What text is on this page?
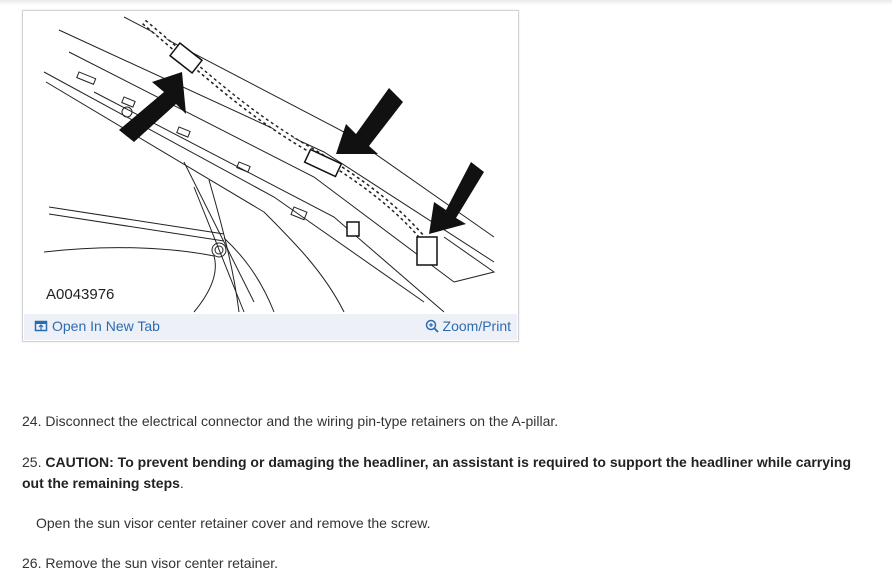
A0043976
Open In New Tab	Zoom/Print
24. Disconnect the electrical connector and the wiring pin-type retainers on the A-pillar.
25. CAUTION: To prevent bending or damaging the headliner, an assistant is required to support the headliner while carrying out the remaining steps.
Open the sun visor center retainer cover and remove the screw.
26. Remove the sun visor center retainer.
